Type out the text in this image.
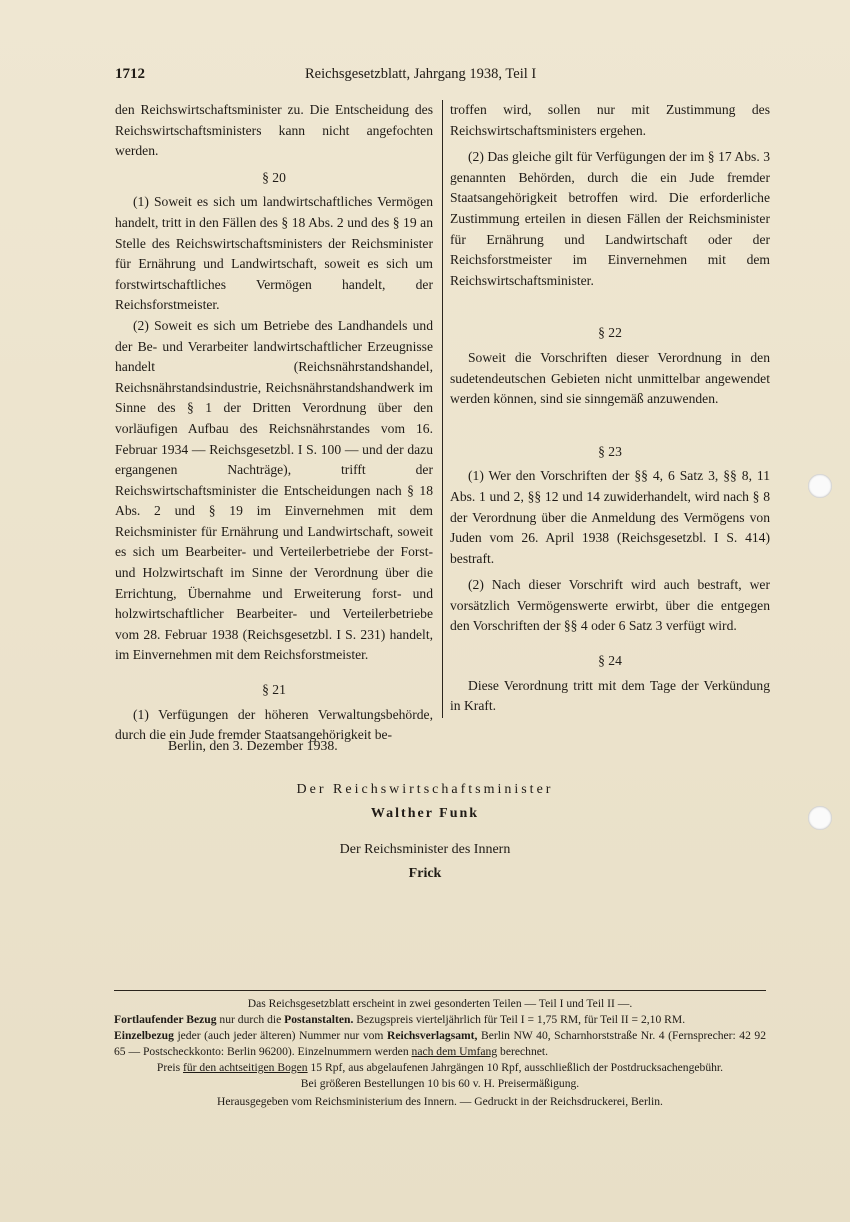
1712	Reichsgesetzblatt, Jahrgang 1938, Teil I

den Reichswirtschaftsminister zu. Die Entscheidung des Reichswirtschaftsministers kann nicht angefochten werden.

§ 20

(1) Soweit es sich um landwirtschaftliches Vermögen handelt, tritt in den Fällen des § 18 Abs. 2 und des § 19 an Stelle des Reichswirtschaftsministers der Reichsminister für Ernährung und Landwirtschaft, soweit es sich um forstwirtschaftliches Vermögen handelt, der Reichsforstmeister.

(2) Soweit es sich um Betriebe des Landhandels und der Be- und Verarbeiter landwirtschaftlicher Erzeugnisse handelt (Reichsnährstandshandel, Reichsnährstandsindustrie, Reichsnährstandshandwerk im Sinne des § 1 der Dritten Verordnung über den vorläufigen Aufbau des Reichsnährstandes vom 16. Februar 1934 — Reichsgesetzbl. I S. 100 — und der dazu ergangenen Nachträge), trifft der Reichswirtschaftsminister die Entscheidungen nach § 18 Abs. 2 und § 19 im Einvernehmen mit dem Reichsminister für Ernährung und Landwirtschaft, soweit es sich um Bearbeiter- und Verteilerbetriebe der Forst- und Holzwirtschaft im Sinne der Verordnung über die Errichtung, Übernahme und Erweiterung forst- und holzwirtschaftlicher Bearbeiter- und Verteilerbetriebe vom 28. Februar 1938 (Reichsgesetzbl. I S. 231) handelt, im Einvernehmen mit dem Reichsforstmeister.

§ 21

(1) Verfügungen der höheren Verwaltungsbehörde, durch die ein Jude fremder Staatsangehörigkeit be-

troffen wird, sollen nur mit Zustimmung des Reichswirtschaftsministers ergehen.

(2) Das gleiche gilt für Verfügungen der im § 17 Abs. 3 genannten Behörden, durch die ein Jude fremder Staatsangehörigkeit betroffen wird. Die erforderliche Zustimmung erteilen in diesen Fällen der Reichsminister für Ernährung und Landwirtschaft oder der Reichsforstmeister im Einvernehmen mit dem Reichswirtschaftsminister.

§ 22

Soweit die Vorschriften dieser Verordnung in den sudetendeutschen Gebieten nicht unmittelbar angewendet werden können, sind sie sinngemäß anzuwenden.

§ 23

(1) Wer den Vorschriften der §§ 4, 6 Satz 3, §§ 8, 11 Abs. 1 und 2, §§ 12 und 14 zuwiderhandelt, wird nach § 8 der Verordnung über die Anmeldung des Vermögens von Juden vom 26. April 1938 (Reichsgesetzbl. I S. 414) bestraft.

(2) Nach dieser Vorschrift wird auch bestraft, wer vorsätzlich Vermögenswerte erwirbt, über die entgegen den Vorschriften der §§ 4 oder 6 Satz 3 verfügt wird.

§ 24

Diese Verordnung tritt mit dem Tage der Verkündung in Kraft.

Berlin, den 3. Dezember 1938.
Der Reichswirtschaftsminister
Walther Funk
Der Reichsminister des Innern
Frick
Das Reichsgesetzblatt erscheint in zwei gesonderten Teilen — Teil I und Teil II —.
Fortlaufender Bezug nur durch die Postanstalten. Bezugspreis vierteljährlich für Teil I = 1,75 RM, für Teil II = 2,10 RM.
Einzelbezug jeder (auch jeder älteren) Nummer nur vom Reichsverlagsamt, Berlin NW 40, Scharnhorststraße Nr. 4 (Fernsprecher: 42 92 65 — Postscheckkonto: Berlin 96200). Einzelnummern werden nach dem Umfang berechnet.
Preis für den achtseitigen Bogen 15 Rpf, aus abgelaufenen Jahrgängen 10 Rpf, ausschließlich der Postdrucksachengebühr.
Bei größeren Bestellungen 10 bis 60 v. H. Preisermäßigung.
Herausgegeben vom Reichsministerium des Innern. — Gedruckt in der Reichsdruckerei, Berlin.
